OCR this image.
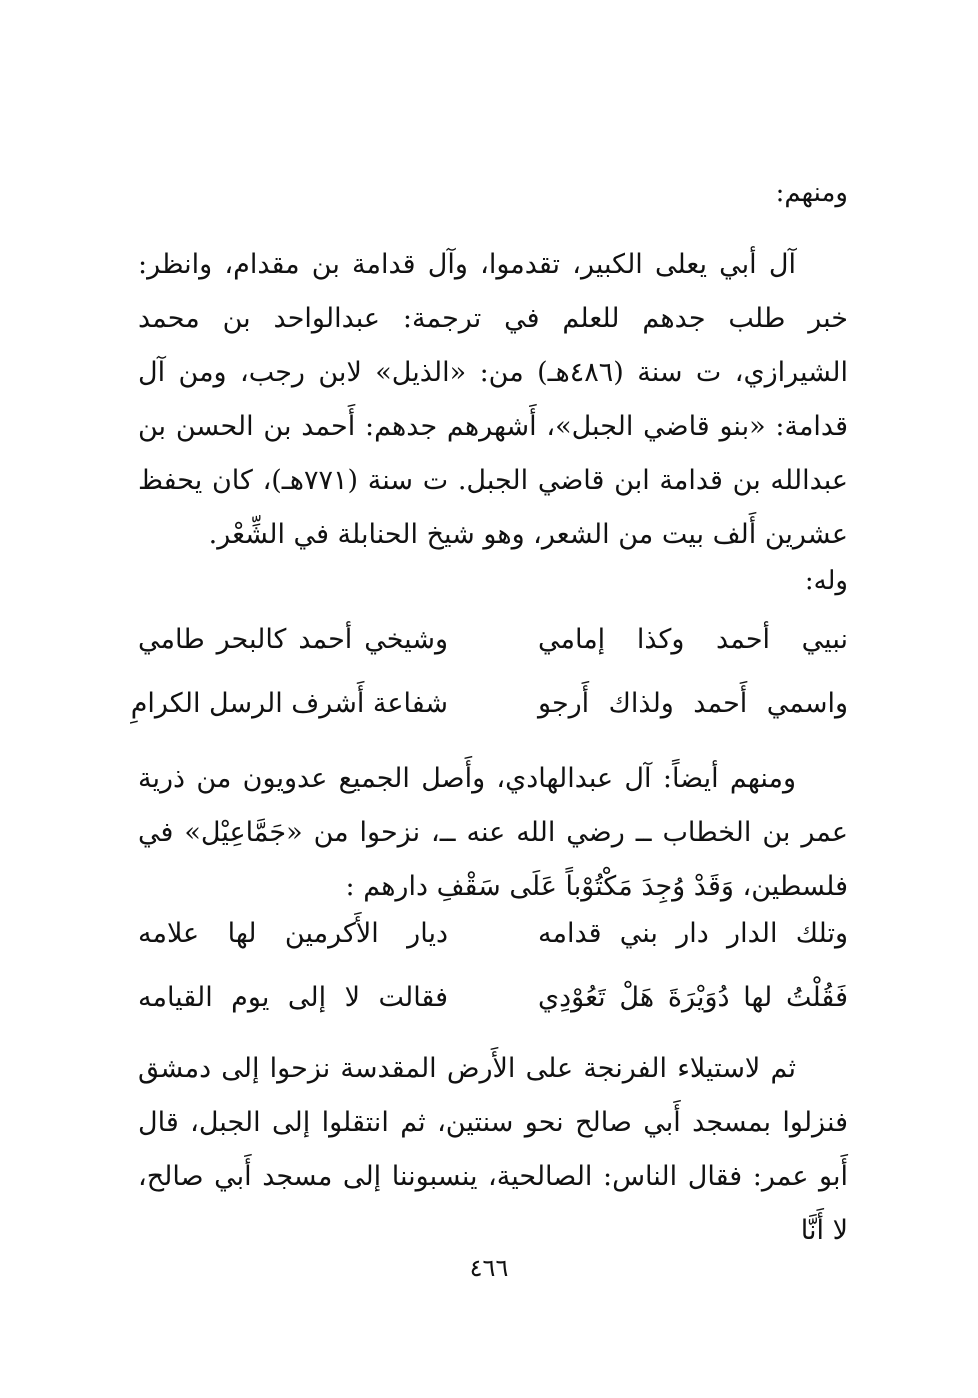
ومنهم:

آل أبي يعلى الكبير، تقدموا، وآل قدامة بن مقدام، وانظر: خبر طلب جدهم للعلم في ترجمة: عبدالواحد بن محمد الشيرازي، ت سنة (٤٨٦هـ) من: «الذيل» لابن رجب، ومن آل قدامة: «بنو قاضي الجبل»، أَشهرهم جدهم: أَحمد بن الحسن بن عبدالله بن قدامة ابن قاضي الجبل. ت سنة (٧٧١هـ)، كان يحفظ عشرين أَلف بيت من الشعر، وهو شيخ الحنابلة في الشِّعْر.

وله:
نبيي أحمد وكذا إمامي
وشيخي أحمد كالبحر طامي
واسمي أَحمد ولذاك أَرجو
شفاعة أَشرف الرسل الكرامِ

ومنهم أيضاً: آل عبدالهادي، وأَصل الجميع عدويون من ذرية عمر بن الخطاب ــ رضي الله عنه ــ، نزحوا من «جَمَّاعِيْل» في فلسطين، وَقَدْ وُجِدَ مَكْتُوْباً عَلَى سَقْفِ دارهم :

وتلك الدار دار بني قدامه
ديار الأَكرمين لها علامه
فَقُلْتُ لها دُوَيْرَةَ هَلْ تَعُوْدِي
فقالت لا إلى يوم القيامه

ثم لاستيلاء الفرنجة على الأَرض المقدسة نزحوا إلى دمشق فنزلوا بمسجد أَبي صالح نحو سنتين، ثم انتقلوا إلى الجبل، قال أَبو عمر: فقال الناس: الصالحية، ينسبوننا إلى مسجد أَبي صالح، لا أَنَّا

٤٦٦
